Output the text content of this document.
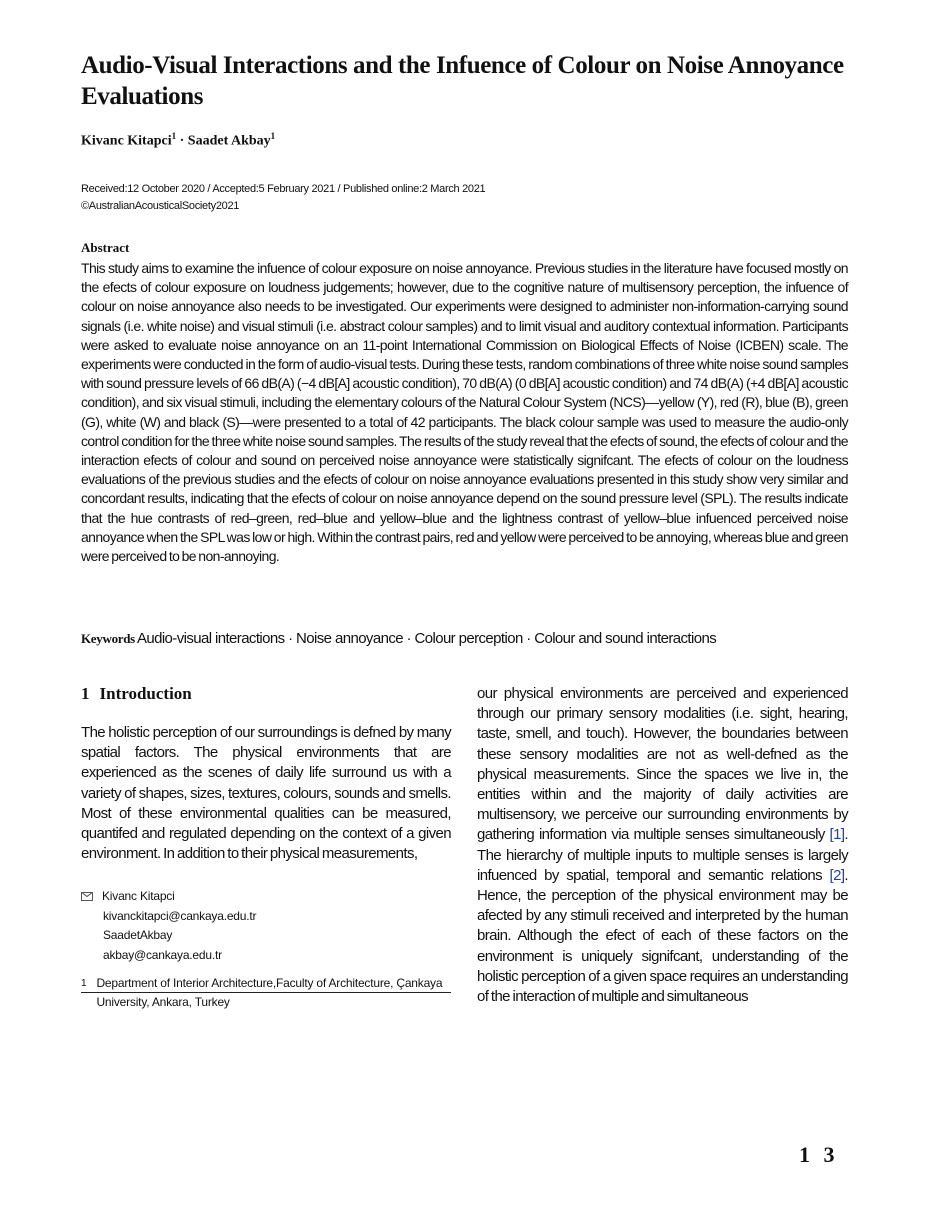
Audio-Visual Interactions and the Infuence of Colour on Noise Annoyance Evaluations
Kivanc Kitapci$^1$ · Saadet Akbay$^1$
Received:12 October 2020 / Accepted:5 February 2021 / Published online:2 March 2021
©AustralianAcousticalSociety2021
Abstract

This study aims to examine the infuence of colour exposure on noise annoyance. Previous studies in the literature have focused mostly on the efects of colour exposure on loudness judgements; however, due to the cognitive nature of multisensory perception, the infuence of colour on noise annoyance also needs to be investigated. Our experiments were designed to administer non-information-carrying sound signals (i.e. white noise) and visual stimuli (i.e. abstract colour samples) and to limit visual and auditory contextual information. Participants were asked to evaluate noise annoyance on an 11-point International Commission on Biological Effects of Noise (ICBEN) scale. The experiments were conducted in the form of audio-visual tests. During these tests, random combinations of three white noise sound samples with sound pressure levels of 66 dB(A) (−4 dB[A] acoustic condition), 70 dB(A) (0 dB[A] acoustic condition) and 74 dB(A) (+4 dB[A] acoustic condition), and six visual stimuli, including the elementary colours of the Natural Colour System (NCS)—yellow (Y), red (R), blue (B), green (G), white (W) and black (S)—were presented to a total of 42 participants. The black colour sample was used to measure the audio-only control condition for the three white noise sound samples. The results of the study reveal that the efects of sound, the efects of colour and the interaction efects of colour and sound on perceived noise annoyance were statistically signifcant. The efects of colour on the loudness evaluations of the previous studies and the efects of colour on noise annoyance evaluations presented in this study show very similar and concordant results, indicating that the efects of colour on noise annoyance depend on the sound pressure level (SPL). The results indicate that the hue contrasts of red–green, red–blue and yellow–blue and the lightness contrast of yellow–blue infuenced perceived noise annoyance when the SPL was low or high. Within the contrast pairs, red and yellow were perceived to be annoying, whereas blue and green were perceived to be non-annoying.

Keywords Audio-visual interactions · Noise annoyance · Colour perception · Colour and sound interactions
1 Introduction

The holistic perception of our surroundings is defned by many spatial factors. The physical environments that are experienced as the scenes of daily life surround us with a variety of shapes, sizes, textures, colours, sounds and smells. Most of these environmental qualities can be measured, quantifed and regulated depending on the context of a given environment. In addition to their physical measurements,

our physical environments are perceived and experienced through our primary sensory modalities (i.e. sight, hearing, taste, smell, and touch). However, the boundaries between these sensory modalities are not as well-defned as the physical measurements. Since the spaces we live in, the entities within and the majority of daily activities are multisensory, we perceive our surrounding environments by gathering information via multiple senses simultaneously [1]. The hierarchy of multiple inputs to multiple senses is largely infuenced by spatial, temporal and semantic relations [2]. Hence, the perception of the physical environment may be afected by any stimuli received and interpreted by the human brain. Although the efect of each of these factors on the environment is uniquely signifcant, understanding of the holistic perception of a given space requires an understanding of the interaction of multiple and simultaneous

Kivanc Kitapci
kivanckitapci@cankaya.edu.tr
SaadetAkbay
akbay@cankaya.edu.tr
1 Department of Interior Architecture,Faculty of Architecture, Çankaya University, Ankara, Turkey
1 3
